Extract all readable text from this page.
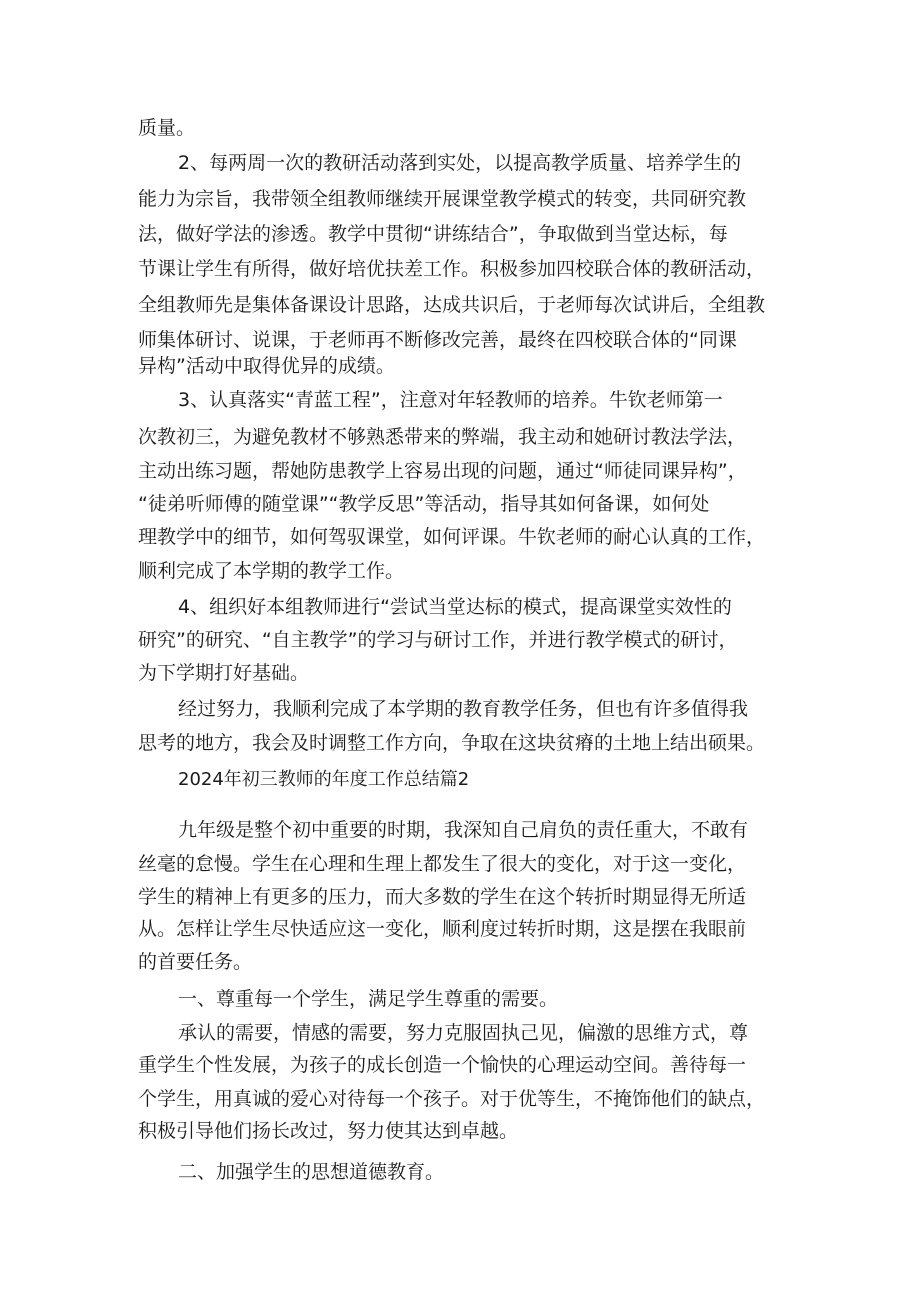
质量。
2、每两周一次的教研活动落到实处，以提高教学质量、培养学生的
能力为宗旨，我带领全组教师继续开展课堂教学模式的转变，共同研究教
法，做好学法的渗透。教学中贯彻“讲练结合”，争取做到当堂达标，每
节课让学生有所得，做好培优扶差工作。积极参加四校联合体的教研活动，
全组教师先是集体备课设计思路，达成共识后，于老师每次试讲后，全组教
师集体研讨、说课，于老师再不断修改完善，最终在四校联合体的“同课
异构”活动中取得优异的成绩。
3、认真落实“青蓝工程”，注意对年轻教师的培养。牛钦老师第一
次教初三，为避免教材不够熟悉带来的弊端，我主动和她研讨教法学法，
主动出练习题，帮她防患教学上容易出现的问题，通过“师徒同课异构”，
“徒弟听师傅的随堂课”“教学反思”等活动，指导其如何备课，如何处
理教学中的细节，如何驾驭课堂，如何评课。牛钦老师的耐心认真的工作，
顺利完成了本学期的教学工作。
4、组织好本组教师进行“尝试当堂达标的模式，提高课堂实效性的
研究”的研究、“自主教学”的学习与研讨工作，并进行教学模式的研讨，
为下学期打好基础。
经过努力，我顺利完成了本学期的教育教学任务，但也有许多值得我
思考的地方，我会及时调整工作方向，争取在这块贫瘠的土地上结出硕果。
2024年初三教师的年度工作总结篇2
九年级是整个初中重要的时期，我深知自己肩负的责任重大，不敢有
丝毫的怠慢。学生在心理和生理上都发生了很大的变化，对于这一变化，
学生的精神上有更多的压力，而大多数的学生在这个转折时期显得无所适
从。怎样让学生尽快适应这一变化，顺利度过转折时期，这是摆在我眼前
的首要任务。
一、尊重每一个学生，满足学生尊重的需要。
承认的需要，情感的需要，努力克服固执己见，偏激的思维方式，尊
重学生个性发展，为孩子的成长创造一个愉快的心理运动空间。善待每一
个学生，用真诚的爱心对待每一个孩子。对于优等生，不掩饰他们的缺点，
积极引导他们扬长改过，努力使其达到卓越。
二、加强学生的思想道德教育。
